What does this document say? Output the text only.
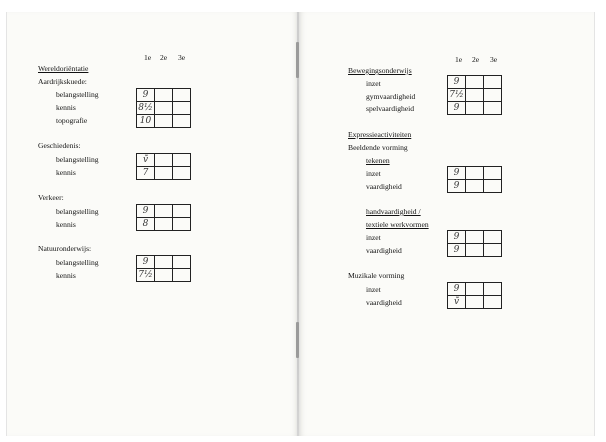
1e 2e 3e
Wereldoriëntatie
Aardrijkskuede:
belangstelling
kennis
topografie
9
8½
10
Geschiedenis:
belangstelling
kennis
ṽ
7
Verkeer:
belangstelling
kennis
9
8
Natuuronderwijs:
belangstelling
kennis
9
7½
1e 2e 3e
Bewegingsonderwijs
inzet
gymvaardigheid
spelvaardigheid
9
7½
9
Expressieactiviteiten
Beeldende vorming
tekenen
inzet
vaardigheid
9
9
handvaardigheid /
textiele werkvormen
inzet
vaardigheid
9
9
Muzikale vorming
inzet
vaardigheid
9
ṽ
